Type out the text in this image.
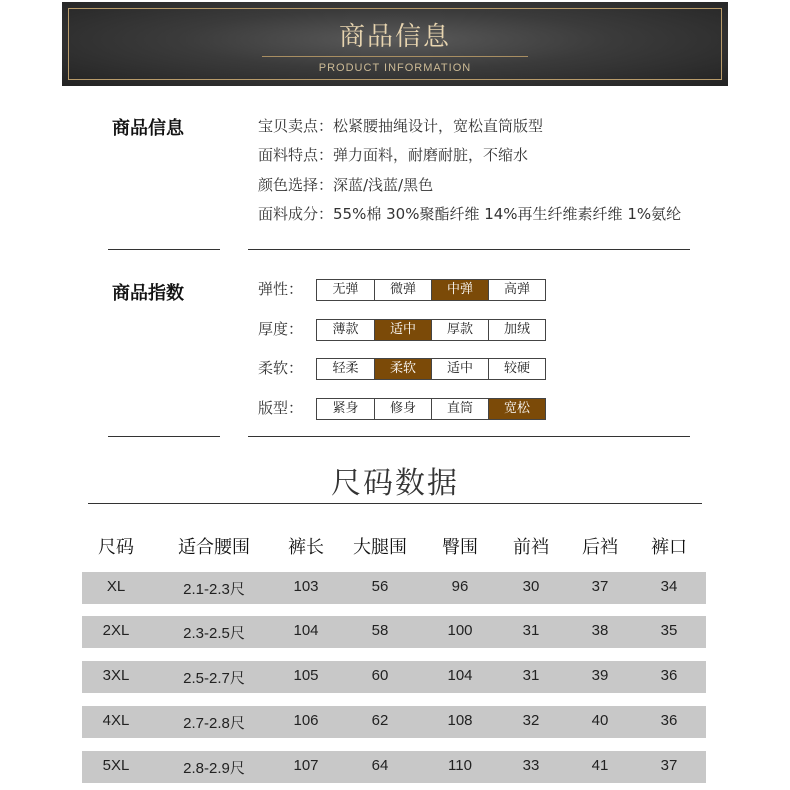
商品信息
PRODUCT INFORMATION
商品信息	宝贝卖点：松紧腰抽绳设计，宽松直筒版型
面料特点：弹力面料，耐磨耐脏，不缩水
颜色选择：深蓝/浅蓝/黑色
面料成分：55%棉 30%聚酯纤维 14%再生纤维素纤维 1%氨纶
商品指数	弹性：	无弹	微弹	中弹	高弹
厚度：	薄款	适中	厚款	加绒
柔软：	轻柔	柔软	适中	较硬
版型：	紧身	修身	直筒	宽松
尺码数据
尺码	适合腰围	裤长	大腿围	臀围	前裆	后裆	裤口
XL	2.1-2.3尺	103	56	96	30	37	34
2XL	2.3-2.5尺	104	58	100	31	38	35
3XL	2.5-2.7尺	105	60	104	31	39	36
4XL	2.7-2.8尺	106	62	108	32	40	36
5XL	2.8-2.9尺	107	64	110	33	41	37
